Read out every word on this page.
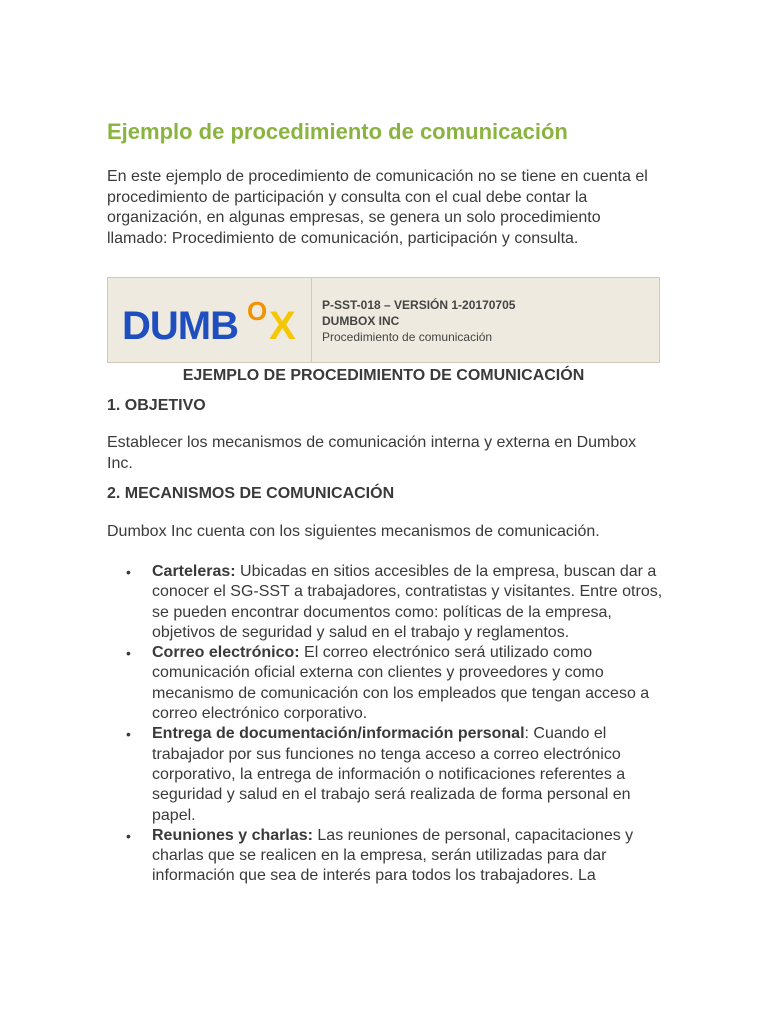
Ejemplo de procedimiento de comunicación

En este ejemplo de procedimiento de comunicación no se tiene en cuenta el procedimiento de participación y consulta con el cual debe contar la organización, en algunas empresas, se genera un solo procedimiento llamado: Procedimiento de comunicación, participación y consulta.

DUMB O X P-SST-018 – VERSIÓN 1-20170705
DUMBOX INC
Procedimiento de comunicación
EJEMPLO DE PROCEDIMIENTO DE COMUNICACIÓN
1. OBJETIVO

Establecer los mecanismos de comunicación interna y externa en Dumbox Inc.

2. MECANISMOS DE COMUNICACIÓN

Dumbox Inc cuenta con los siguientes mecanismos de comunicación.

• Carteleras: Ubicadas en sitios accesibles de la empresa, buscan dar a conocer el SG-SST a trabajadores, contratistas y visitantes. Entre otros, se pueden encontrar documentos como: políticas de la empresa, objetivos de seguridad y salud en el trabajo y reglamentos.
• Correo electrónico: El correo electrónico será utilizado como comunicación oficial externa con clientes y proveedores y como mecanismo de comunicación con los empleados que tengan acceso a correo electrónico corporativo.
• Entrega de documentación/información personal: Cuando el trabajador por sus funciones no tenga acceso a correo electrónico corporativo, la entrega de información o notificaciones referentes a seguridad y salud en el trabajo será realizada de forma personal en papel.
• Reuniones y charlas: Las reuniones de personal, capacitaciones y charlas que se realicen en la empresa, serán utilizadas para dar información que sea de interés para todos los trabajadores. La
